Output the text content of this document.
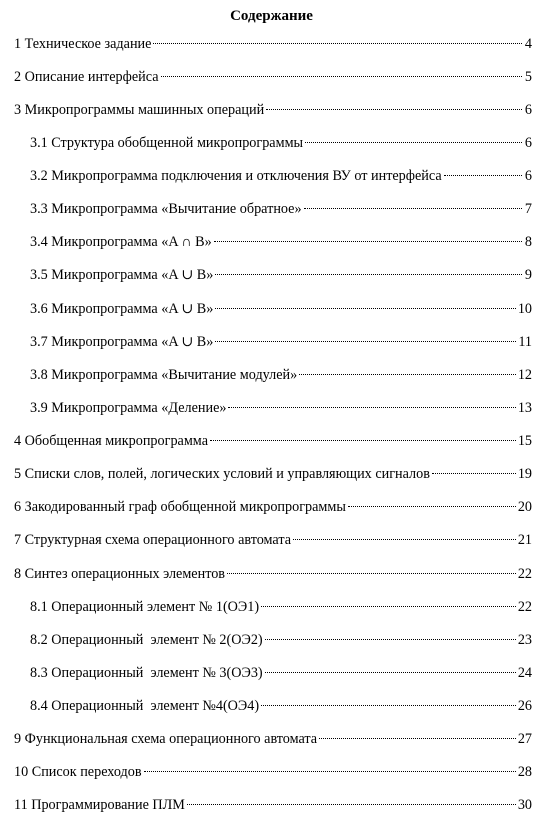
Содержание
1 Техническое задание	4
2 Описание интерфейса	5
3 Микропрограммы машинных операций	6
3.1 Структура обобщенной микропрограммы	6
3.2 Микропрограмма подключения и отключения ВУ от интерфейса	6
3.3 Микропрограмма «Вычитание обратное»	7
3.4 Микропрограмма «A ∩ B»	8
3.5 Микропрограмма «A ∪ B»	9
3.6 Микропрограмма «A ∪ B»	10
3.7 Микропрограмма «A ∪ B»	11
3.8 Микропрограмма «Вычитание модулей»	12
3.9 Микропрограмма «Деление»	13
4 Обобщенная микропрограмма	15
5 Списки слов, полей, логических условий и управляющих сигналов	19
6 Закодированный граф обобщенной микропрограммы	20
7 Структурная схема операционного автомата	21
8 Синтез операционных элементов	22
8.1 Операционный элемент № 1(ОЭ1)	22
8.2 Операционный  элемент № 2(ОЭ2)	23
8.3 Операционный  элемент № 3(ОЭ3)	24
8.4 Операционный  элемент №4(ОЭ4)	26
9 Функциональная схема операционного автомата	27
10 Список переходов	28
11 Программирование ПЛМ	30
